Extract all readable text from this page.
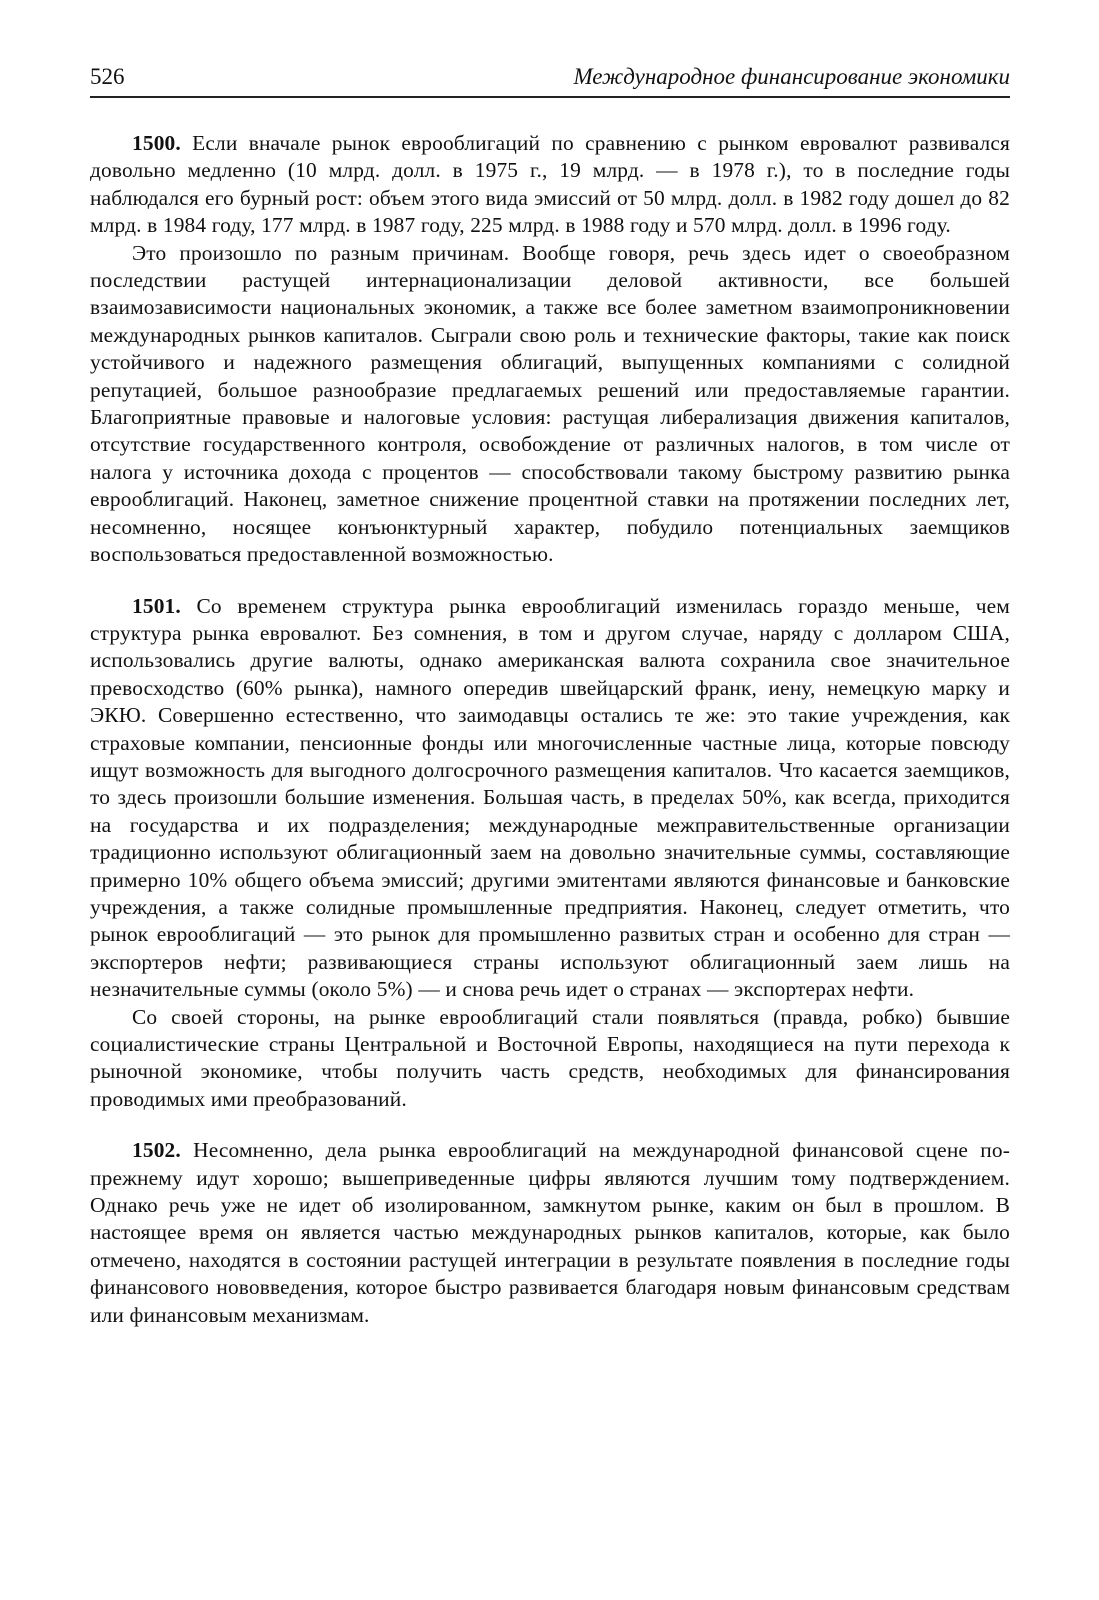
526	Международное финансирование экономики

1500. Если вначале рынок еврооблигаций по сравнению с рынком евровалют развивался довольно медленно (10 млрд. долл. в 1975 г., 19 млрд. — в 1978 г.), то в последние годы наблюдался его бурный рост: объем этого вида эмиссий от 50 млрд. долл. в 1982 году дошел до 82 млрд. в 1984 году, 177 млрд. в 1987 году, 225 млрд. в 1988 году и 570 млрд. долл. в 1996 году.

Это произошло по разным причинам. Вообще говоря, речь здесь идет о своеобразном последствии растущей интернационализации деловой активности, все большей взаимозависимости национальных экономик, а также все более заметном взаимопроникновении международных рынков капиталов. Сыграли свою роль и технические факторы, такие как поиск устойчивого и надежного размещения облигаций, выпущенных компаниями с солидной репутацией, большое разнообразие предлагаемых решений или предоставляемые гарантии. Благоприятные правовые и налоговые условия: растущая либерализация движения капиталов, отсутствие государственного контроля, освобождение от различных налогов, в том числе от налога у источника дохода с процентов — способствовали такому быстрому развитию рынка еврооблигаций. Наконец, заметное снижение процентной ставки на протяжении последних лет, несомненно, носящее конъюнктурный характер, побудило потенциальных заемщиков воспользоваться предоставленной возможностью.

1501. Со временем структура рынка еврооблигаций изменилась гораздо меньше, чем структура рынка евровалют. Без сомнения, в том и другом случае, наряду с долларом США, использовались другие валюты, однако американская валюта сохранила свое значительное превосходство (60% рынка), намного опередив швейцарский франк, иену, немецкую марку и ЭКЮ. Совершенно естественно, что заимодавцы остались те же: это такие учреждения, как страховые компании, пенсионные фонды или многочисленные частные лица, которые повсюду ищут возможность для выгодного долгосрочного размещения капиталов. Что касается заемщиков, то здесь произошли большие изменения. Большая часть, в пределах 50%, как всегда, приходится на государства и их подразделения; международные межправительственные организации традиционно используют облигационный заем на довольно значительные суммы, составляющие примерно 10% общего объема эмиссий; другими эмитентами являются финансовые и банковские учреждения, а также солидные промышленные предприятия. Наконец, следует отметить, что рынок еврооблигаций — это рынок для промышленно развитых стран и особенно для стран — экспортеров нефти; развивающиеся страны используют облигационный заем лишь на незначительные суммы (около 5%) — и снова речь идет о странах — экспортерах нефти.

Со своей стороны, на рынке еврооблигаций стали появляться (правда, робко) бывшие социалистические страны Центральной и Восточной Европы, находящиеся на пути перехода к рыночной экономике, чтобы получить часть средств, необходимых для финансирования проводимых ими преобразований.

1502. Несомненно, дела рынка еврооблигаций на международной финансовой сцене по-прежнему идут хорошо; вышеприведенные цифры являются лучшим тому подтверждением. Однако речь уже не идет об изолированном, замкнутом рынке, каким он был в прошлом. В настоящее время он является частью международных рынков капиталов, которые, как было отмечено, находятся в состоянии растущей интеграции в результате появления в последние годы финансового нововведения, которое быстро развивается благодаря новым финансовым средствам или финансовым механизмам.
